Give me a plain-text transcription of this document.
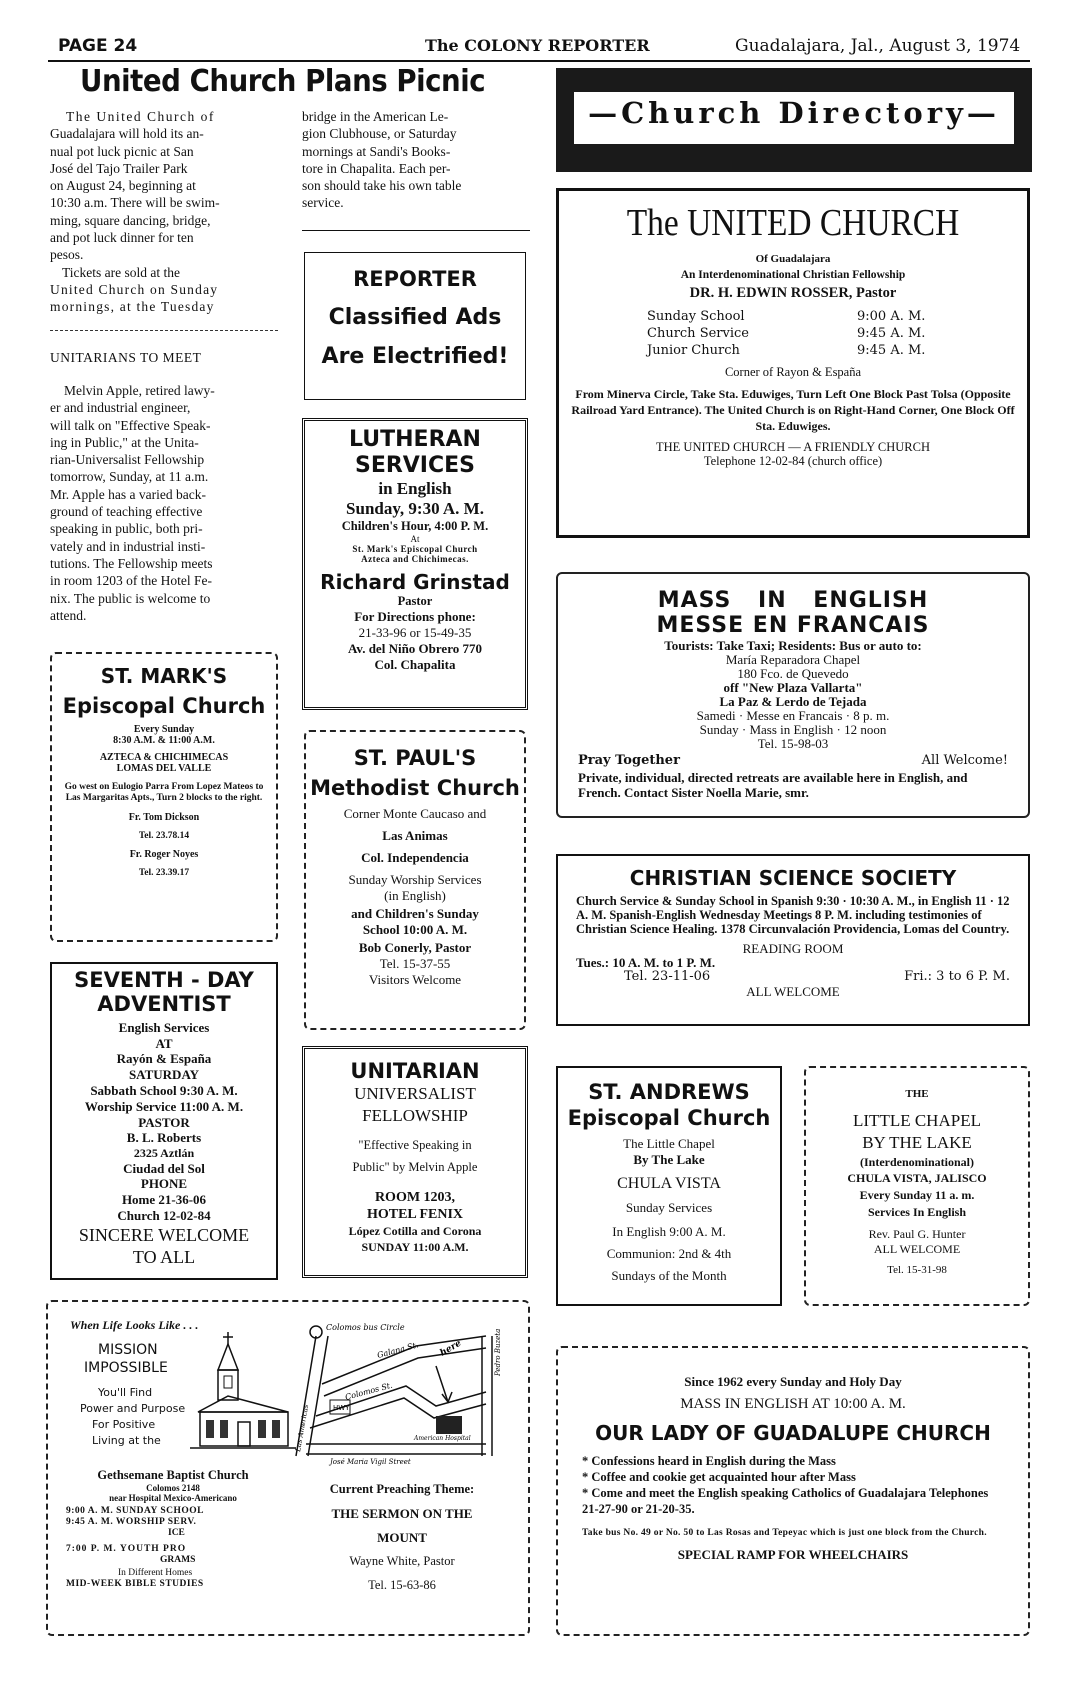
PAGE 24	The COLONY REPORTER	Guadalajara, Jal., August 3, 1974
United Church Plans Picnic
The United Church of
Guadalajara will hold its an-
nual pot luck picnic at San
José del Tajo Trailer Park
on August 24, beginning at
10:30 a.m. There will be swim-
ming, square dancing, bridge,
and pot luck dinner for ten
pesos.
Tickets are sold at the
United Church on Sunday
mornings, at the Tuesday
bridge in the American Le-
gion Clubhouse, or Saturday
mornings at Sandi's Books-
tore in Chapalita. Each per-
son should take his own table
service.
UNITARIANS TO MEET
Melvin Apple, retired lawy-
er and industrial engineer,
will talk on "Effective Speak-
ing in Public," at the Unita-
rian-Universalist Fellowship
tomorrow, Sunday, at 11 a.m.
Mr. Apple has a varied back-
ground of teaching effective
speaking in public, both pri-
vately and in industrial insti-
tutions. The Fellowship meets
in room 1203 of the Hotel Fe-
nix. The public is welcome to
attend.
REPORTER
Classified Ads
Are Electrified!
LUTHERAN
SERVICES
in English
Sunday, 9:30 A. M.
Children's Hour, 4:00 P. M.
At
St. Mark's Episcopal Church
Azteca and Chichimecas.
Richard Grinstad
Pastor
For Directions phone:
21-33-96 or 15-49-35
Av. del Niño Obrero 770
Col. Chapalita
ST. MARK'S
Episcopal Church
Every Sunday
8:30 A.M. & 11:00 A.M.
AZTECA & CHICHIMECAS
LOMAS DEL VALLE
Go west on Eulogio Parra From Lopez Mateos to Las Margaritas Apts., Turn 2 blocks to the right.
Fr. Tom Dickson
Tel. 23.78.14
Fr. Roger Noyes
Tel. 23.39.17
ST. PAUL'S
Methodist Church
Corner Monte Caucaso and
Las Animas
Col. Independencia
Sunday Worship Services
(in English)
and Children's Sunday
School 10:00 A. M.
Bob Conerly, Pastor
Tel. 15-37-55
Visitors Welcome
SEVENTH - DAY
ADVENTIST
English Services
AT
Rayón & España
SATURDAY
Sabbath School 9:30 A. M.
Worship Service 11:00 A. M.
PASTOR
B. L. Roberts
2325 Aztlán
Ciudad del Sol
PHONE
Home 21-36-06
Church 12-02-84
SINCERE WELCOME
TO ALL
UNITARIAN
UNIVERSALIST
FELLOWSHIP
"Effective Speaking in
Public" by Melvin Apple
ROOM 1203,
HOTEL FENIX
López Cotilla and Corona
SUNDAY 11:00 A.M.
—Church Directory—
The UNITED CHURCH
Of Guadalajara
An Interdenominational Christian Fellowship
DR. H. EDWIN ROSSER, Pastor
Sunday School	9:00 A. M.
Church Service	9:45 A. M.
Junior Church	9:45 A. M.
Corner of Rayon & España
From Minerva Circle, Take Sta. Eduwiges, Turn Left One Block Past Tolsa (Opposite Railroad Yard Entrance). The United Church is on Right-Hand Corner, One Block Off Sta. Eduwiges.
THE UNITED CHURCH — A FRIENDLY CHURCH
Telephone 12-02-84 (church office)
MASS IN ENGLISH
MESSE EN FRANCAIS
Tourists: Take Taxi; Residents: Bus or auto to:
María Reparadora Chapel
180 Fco. de Quevedo
off "New Plaza Vallarta"
La Paz & Lerdo de Tejada
Samedi · Messe en Francais · 8 p. m.
Sunday · Mass in English · 12 noon
Tel. 15-98-03
Pray Together	All Welcome!
Private, individual, directed retreats are available here in English, and French. Contact Sister Noella Marie, smr.
CHRISTIAN SCIENCE SOCIETY
Church Service & Sunday School in Spanish 9:30 · 10:30 A. M., in English 11 · 12 A. M. Spanish-English Wednesday Meetings 8 P. M. including testimonies of Christian Science Healing. 1378 Circunvalación Providencia, Lomas del Country.
READING ROOM
Tues.: 10 A. M. to 1 P. M.
Tel. 23-11-06	Fri.: 3 to 6 P. M.
ALL WELCOME
ST. ANDREWS
Episcopal Church
The Little Chapel
By The Lake
CHULA VISTA
Sunday Services
In English 9:00 A. M.
Communion: 2nd & 4th
Sundays of the Month
THE
LITTLE CHAPEL
BY THE LAKE
(Interdenominational)
CHULA VISTA, JALISCO
Every Sunday 11 a. m.
Services In English
Rev. Paul G. Hunter
ALL WELCOME
Tel. 15-31-98
When Life Looks Like . . .
MISSION
IMPOSSIBLE
You'll Find
Power and Purpose
For Positive
Living at the
Gethsemane Baptist Church
Colomos 2148
near Hospital Mexico-Americano
9:00 A. M. SUNDAY SCHOOL
9:45 A. M. WORSHIP SERV.
ICE
7:00 P. M. YOUTH PRO
GRAMS
In Different Homes
MID-WEEK BIBLE STUDIES
Colomos bus Circle
Galana St. here
Colomos St.
Las Americas	HWY
Pedro Buzeta
American Hospital
José Maria Vigil Street
Current Preaching Theme:
THE SERMON ON THE
MOUNT
Wayne White, Pastor
Tel. 15-63-86
Since 1962 every Sunday and Holy Day
MASS IN ENGLISH AT 10:00 A. M.
OUR LADY OF GUADALUPE CHURCH
* Confessions heard in English during the Mass
* Coffee and cookie get acquainted hour after Mass
* Come and meet the English speaking Catholics of Guadalajara Telephones 21-27-90 or 21-20-35.
Take bus No. 49 or No. 50 to Las Rosas and Tepeyac which is just one block from the Church.
SPECIAL RAMP FOR WHEELCHAIRS
